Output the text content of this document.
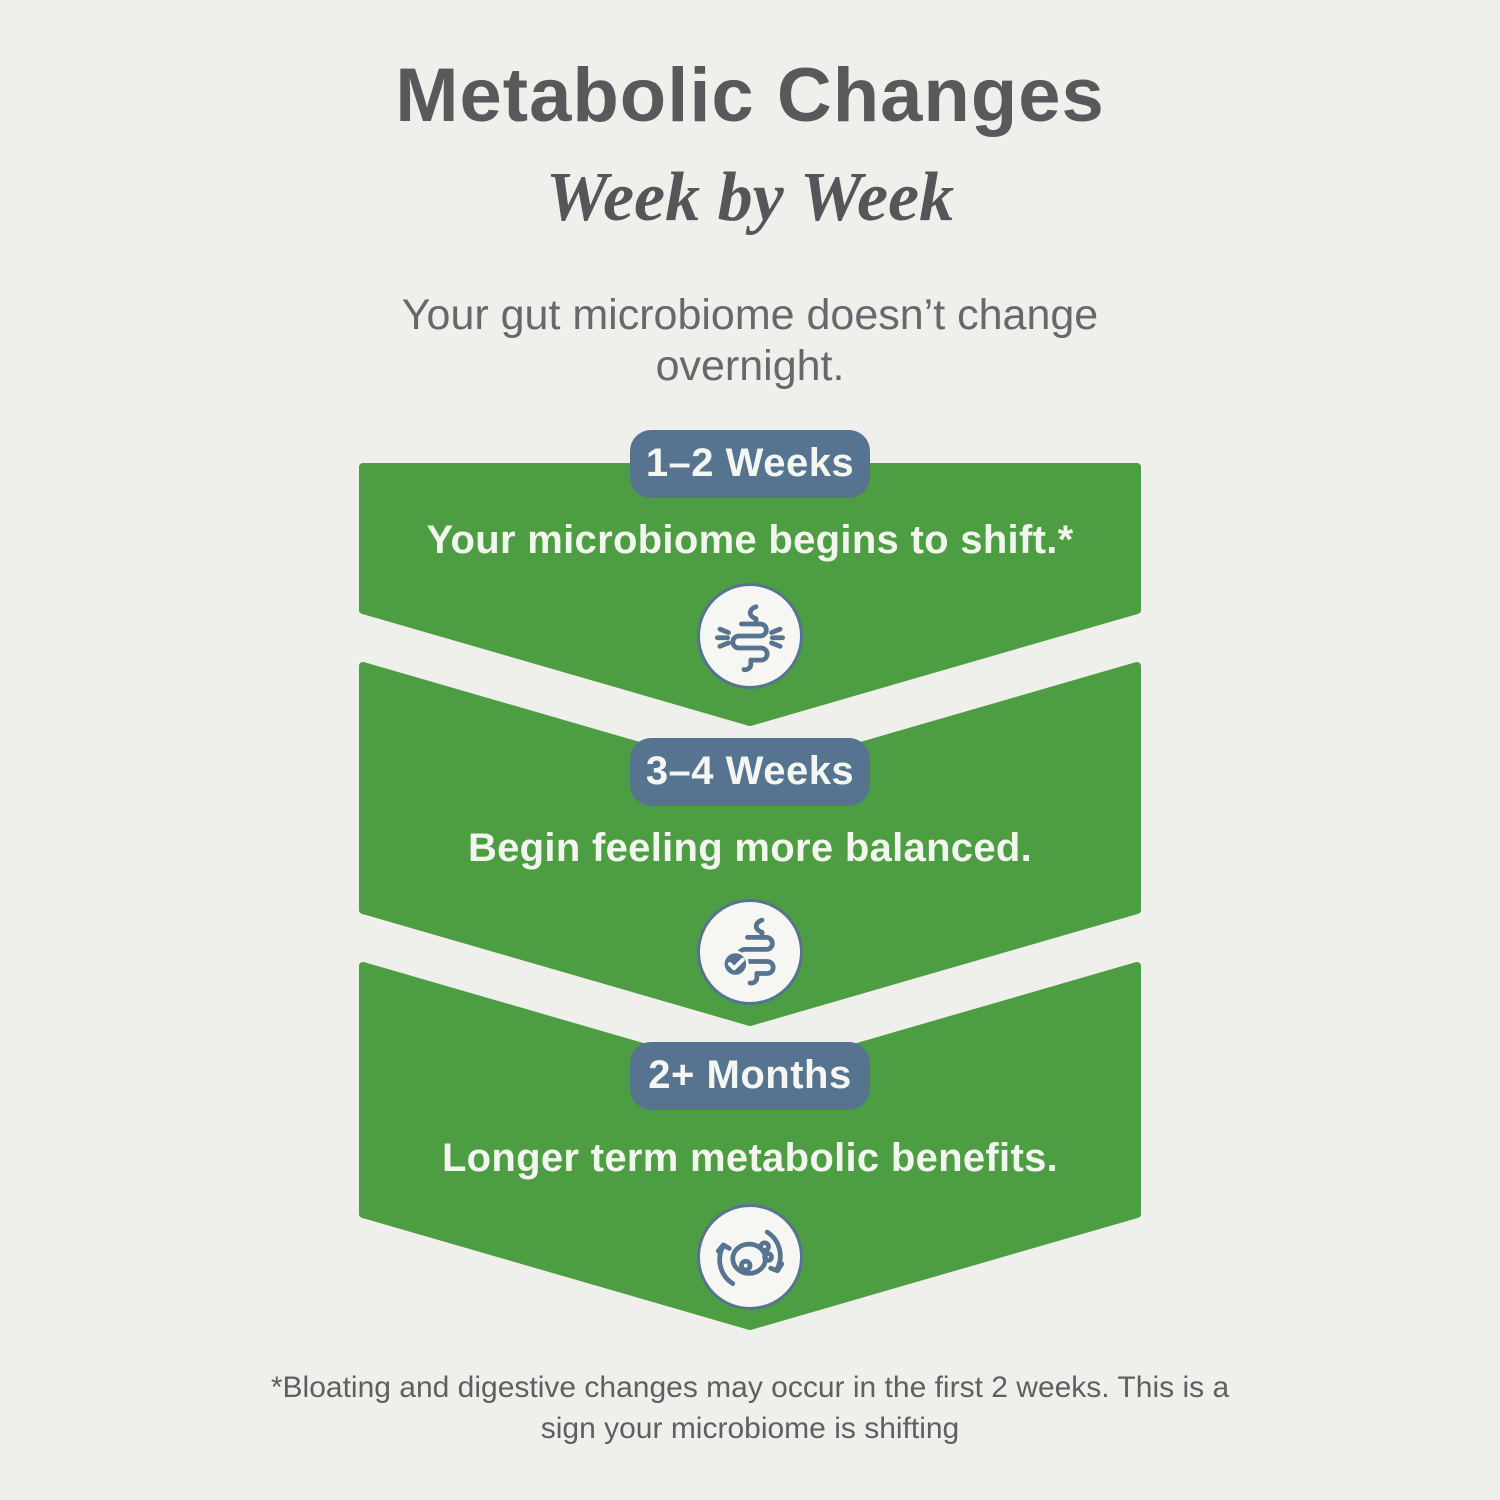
Metabolic Changes
Week by Week
Your gut microbiome doesn’t change
overnight.
1–2 Weeks
Your microbiome begins to shift.*
3–4 Weeks
Begin feeling more balanced.
2+ Months
Longer term metabolic benefits.
*Bloating and digestive changes may occur in the first 2 weeks. This is a
sign your microbiome is shifting
